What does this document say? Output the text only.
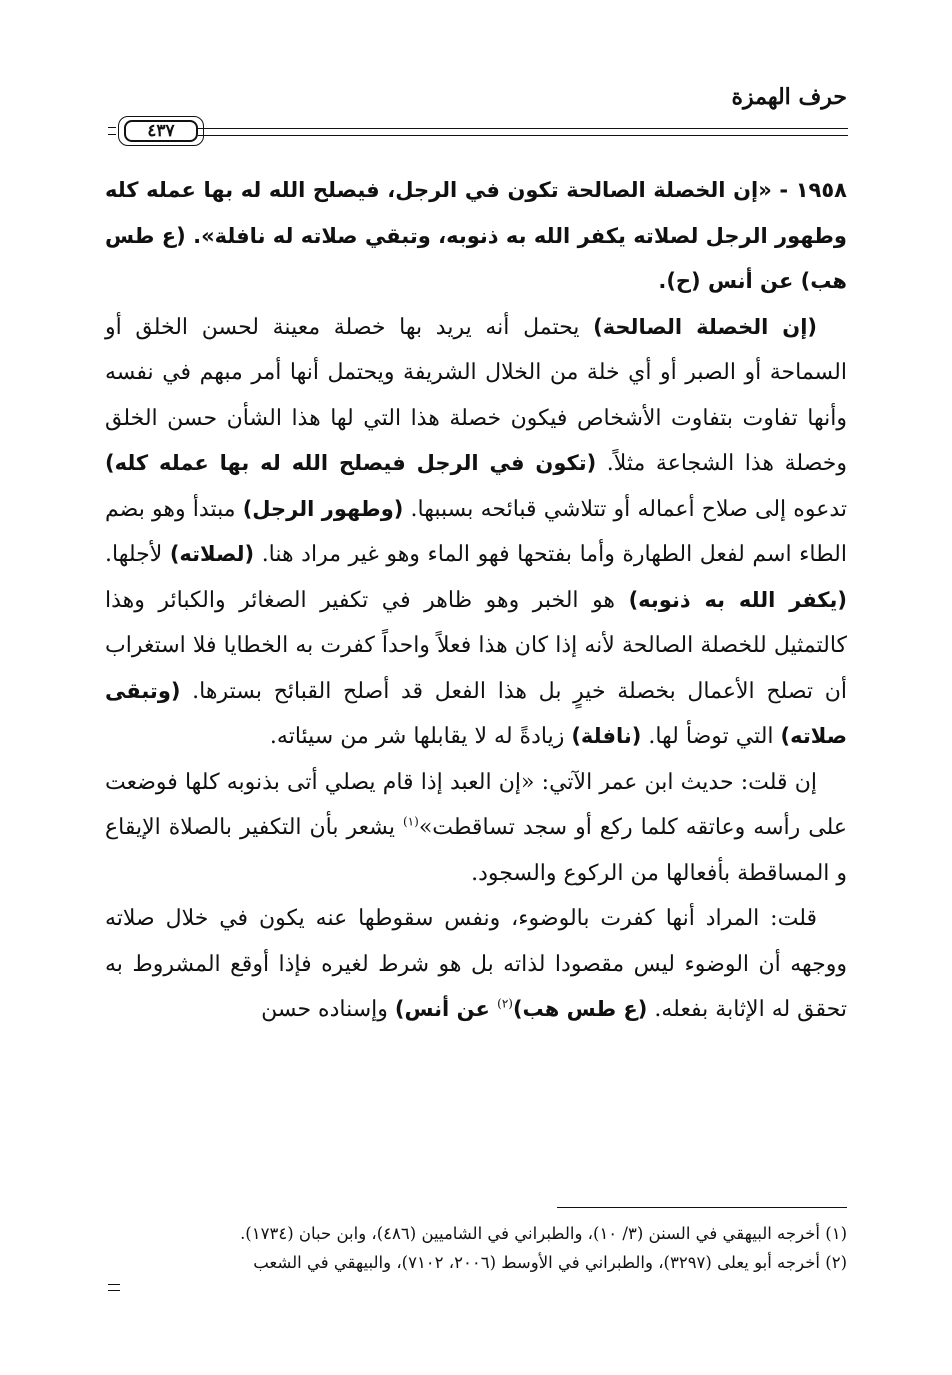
حرف الهمزة
٤٣٧

١٩٥٨ - «إن الخصلة الصالحة تكون في الرجل، فيصلح الله له بها عمله كله وطهور الرجل لصلاته يكفر الله به ذنوبه، وتبقي صلاته له نافلة». (ع طس هب) عن أنس (ح).

(إن الخصلة الصالحة) يحتمل أنه يريد بها خصلة معينة لحسن الخلق أو السماحة أو الصبر أو أي خلة من الخلال الشريفة ويحتمل أنها أمر مبهم في نفسه وأنها تفاوت بتفاوت الأشخاص فيكون خصلة هذا التي لها هذا الشأن حسن الخلق وخصلة هذا الشجاعة مثلاً. (تكون في الرجل فيصلح الله له بها عمله كله) تدعوه إلى صلاح أعماله أو تتلاشي قبائحه بسببها. (وطهور الرجل) مبتدأ وهو بضم الطاء اسم لفعل الطهارة وأما بفتحها فهو الماء وهو غير مراد هنا. (لصلاته) لأجلها. (يكفر الله به ذنوبه) هو الخبر وهو ظاهر في تكفير الصغائر والكبائر وهذا كالتمثيل للخصلة الصالحة لأنه إذا كان هذا فعلاً واحداً كفرت به الخطايا فلا استغراب أن تصلح الأعمال بخصلة خيرٍ بل هذا الفعل قد أصلح القبائح بسترها. (وتبقى صلاته) التي توضأ لها. (نافلة) زيادةً له لا يقابلها شر من سيئاته.

إن قلت: حديث ابن عمر الآتي: «إن العبد إذا قام يصلي أتى بذنوبه كلها فوضعت على رأسه وعاتقه كلما ركع أو سجد تساقطت»$^{(١)}$ يشعر بأن التكفير بالصلاة الإيقاع و المساقطة بأفعالها من الركوع والسجود.

قلت: المراد أنها كفرت بالوضوء، ونفس سقوطها عنه يكون في خلال صلاته ووجهه أن الوضوء ليس مقصودا لذاته بل هو شرط لغيره فإذا أوقع المشروط به تحقق له الإثابة بفعله. (ع طس هب)$^{(٢)}$ عن أنس) وإسناده حسن

(١) أخرجه البيهقي في السنن (٣/ ١٠)، والطبراني في الشاميين (٤٨٦)، وابن حبان (١٧٣٤).

(٢) أخرجه أبو يعلى (٣٢٩٧)، والطبراني في الأوسط (٢٠٠٦، ٧١٠٢)، والبيهقي في الشعب
